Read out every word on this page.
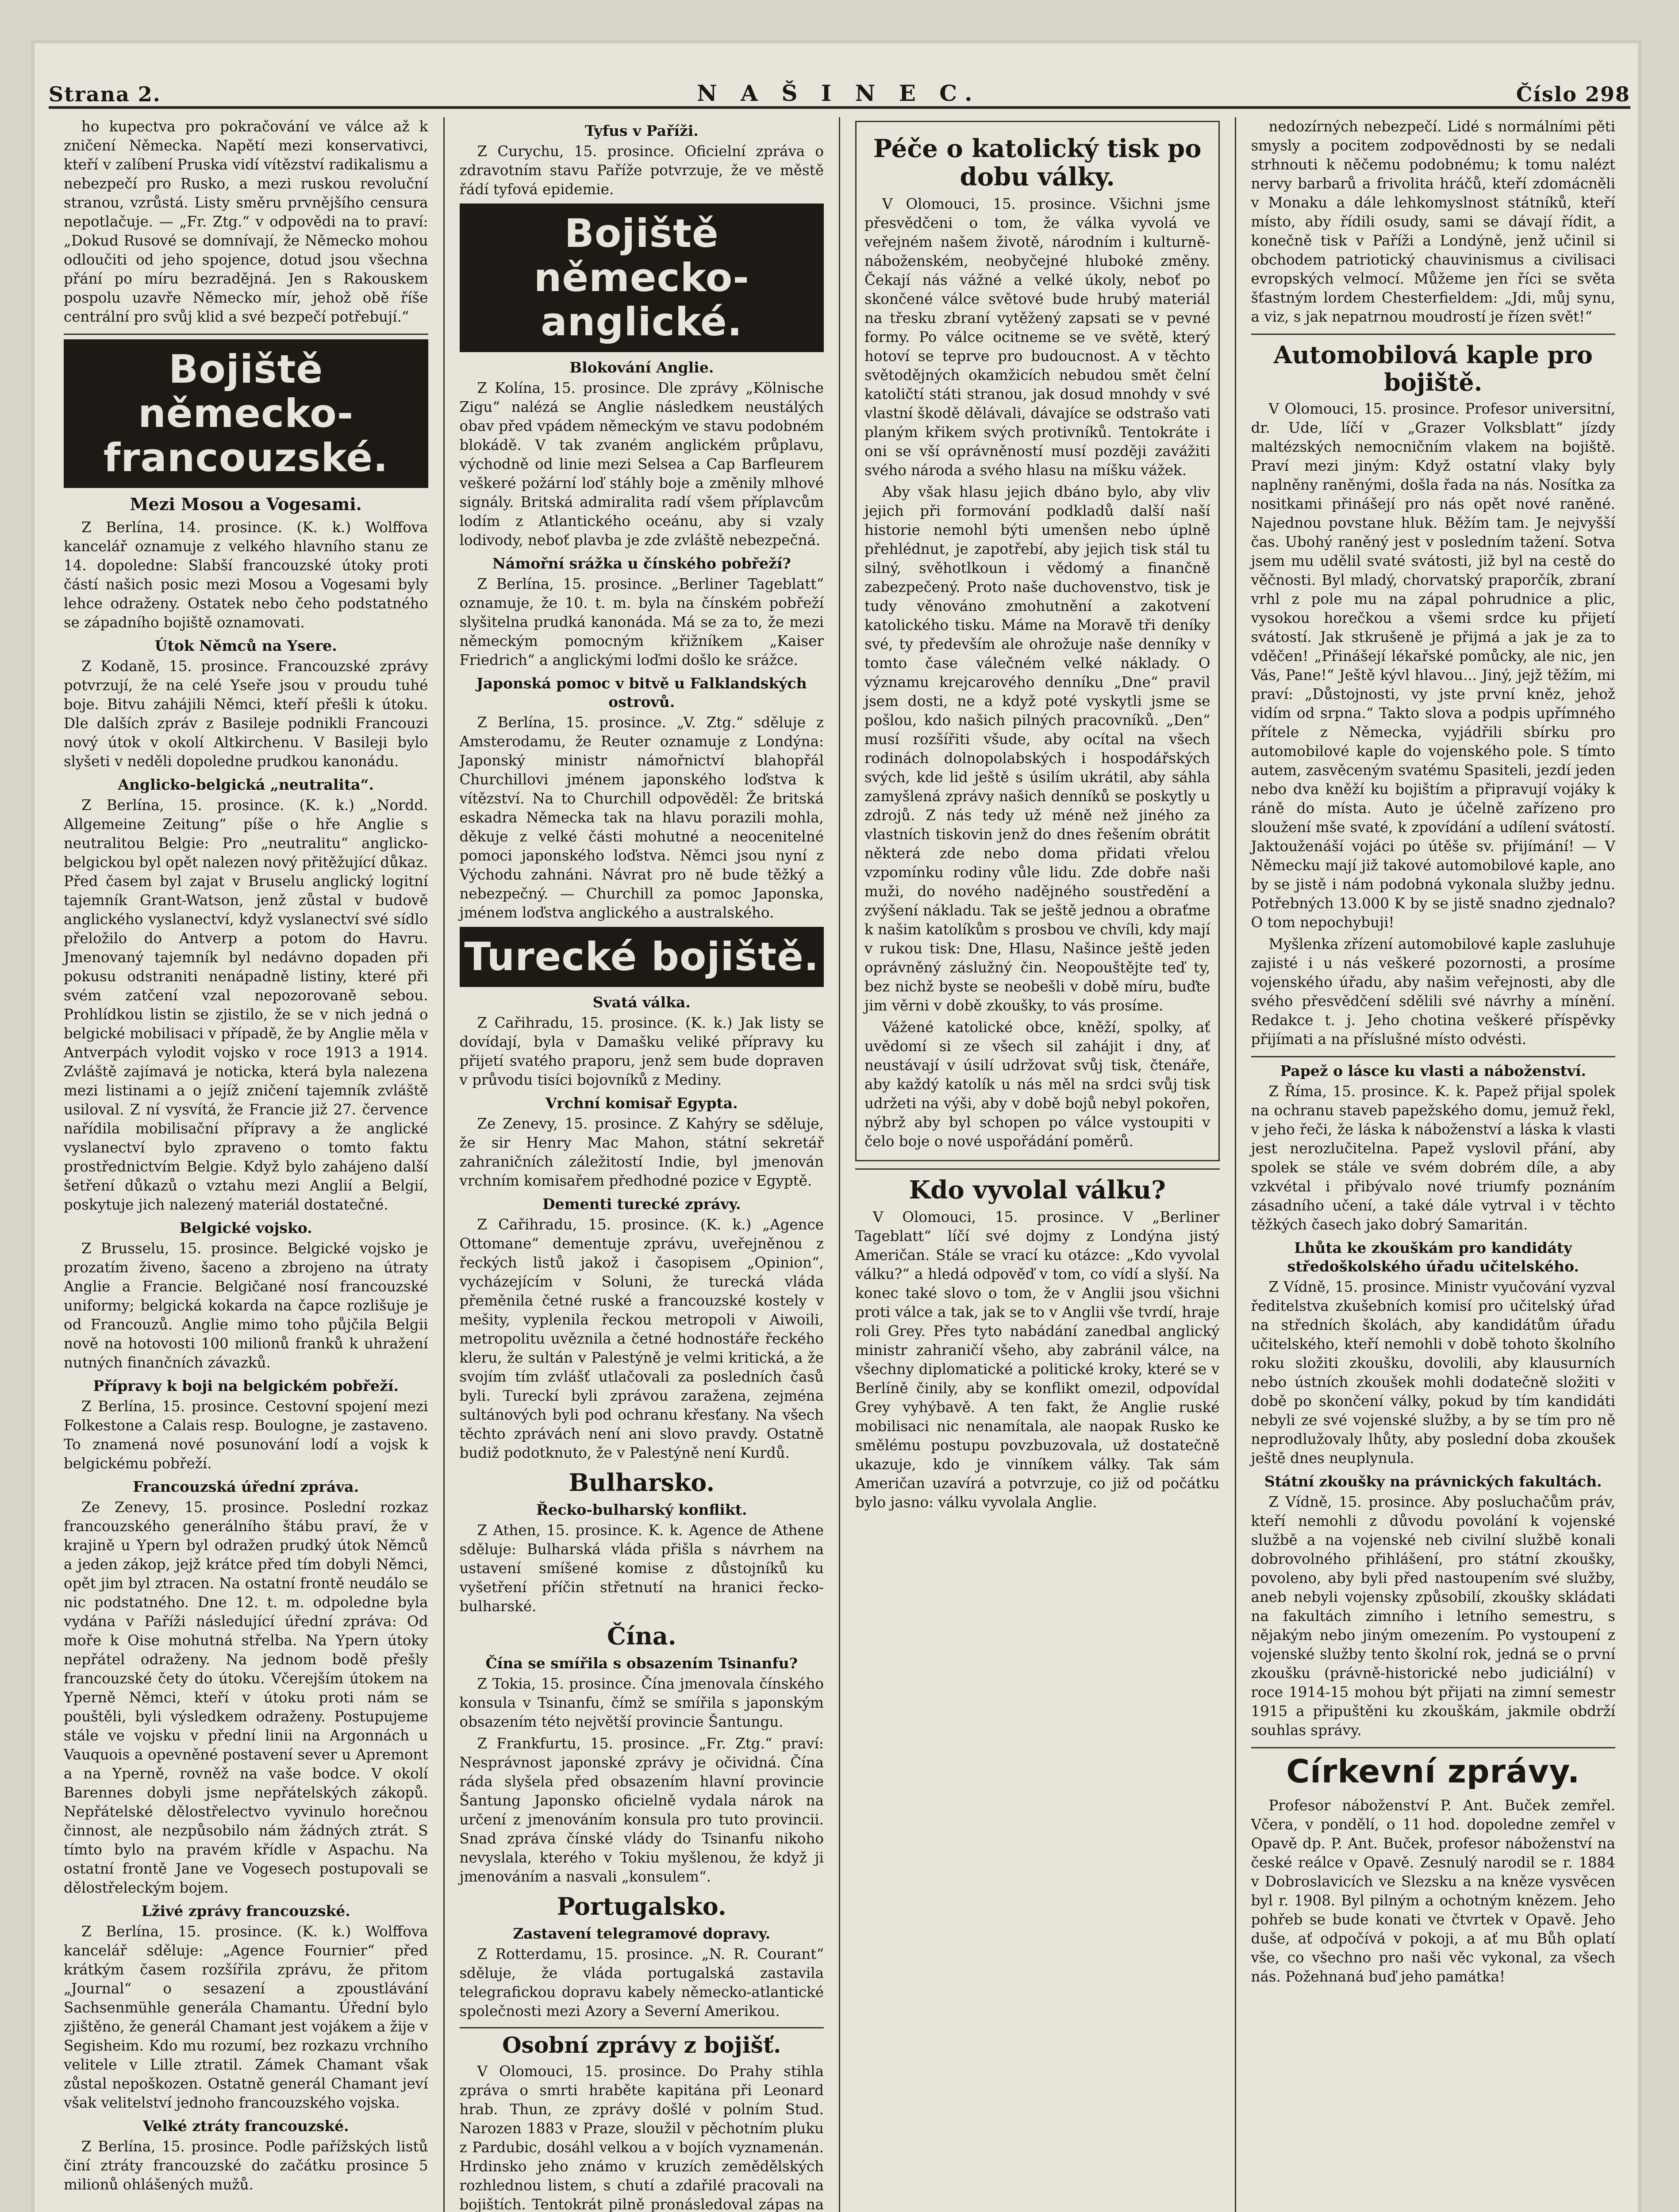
Strana 2.	N A Š I N E C.	Číslo 298

ho kupectva pro pokračování ve válce až k zničení Německa. Napětí mezi konservativci, kteří v zalíbení Pruska vidí vítězství radikalismu a nebezpečí pro Rusko, a mezi ruskou revoluční stranou, vzrůstá. Listy směru prvnějšího censura nepotlačuje. — „Fr. Ztg.“ v odpovědi na to praví: „Dokud Rusové se domnívají, že Německo mohou odloučiti od jeho spojence, dotud jsou všechna přání po míru bezradějná. Jen s Rakouskem pospolu uzavře Německo mír, jehož obě říše centrální pro svůj klid a své bezpečí potřebují.“

Bojiště německo-francouzské.
Mezi Mosou a Vogesami.

Z Berlína, 14. prosince. (K. k.) Wolffova kancelář oznamuje z velkého hlavního stanu ze 14. dopoledne: Slabší francouzské útoky proti částí našich posic mezi Mosou a Vogesami byly lehce odraženy. Ostatek nebo čeho podstatného se západního bojiště oznamovati.

Útok Němců na Ysere.

Z Kodaně, 15. prosince. Francouzské zprávy potvrzují, že na celé Yseře jsou v proudu tuhé boje. Bitvu zahájili Němci, kteří přešli k útoku. Dle dalších zpráv z Basileje podnikli Francouzi nový útok v okolí Altkirchenu. V Basileji bylo slyšeti v neděli dopoledne prudkou kanonádu.

Anglicko-belgická „neutralita“.

Z Berlína, 15. prosince. (K. k.) „Nordd. Allgemeine Zeitung“ píše o hře Anglie s neutralitou Belgie: Pro „neutralitu“ anglicko-belgickou byl opět nalezen nový přitěžující důkaz. Před časem byl zajat v Bruselu anglický logitní tajemník Grant-Watson, jenž zůstal v budově anglického vyslanectví, když vyslanectví své sídlo přeložilo do Antverp a potom do Havru. Jmenovaný tajemník byl nedávno dopaden při pokusu odstraniti nenápadně listiny, které při svém zatčení vzal nepozorovaně sebou. Prohlídkou listin se zjistilo, že se v nich jedná o belgické mobilisaci v případě, že by Anglie měla v Antverpách vylodit vojsko v roce 1913 a 1914. Zvláště zajímavá je noticka, která byla nalezena mezi listinami a o jejíž zničení tajemník zvláště usiloval. Z ní vysvítá, že Francie již 27. července nařídila mobilisační přípravy a že anglické vyslanectví bylo zpraveno o tomto faktu prostřednictvím Belgie. Když bylo zahájeno další šetření důkazů o vztahu mezi Anglií a Belgií, poskytuje jich nalezený materiál dostatečné.

Belgické vojsko.

Z Brusselu, 15. prosince. Belgické vojsko je prozatím živeno, šaceno a zbrojeno na útraty Anglie a Francie. Belgičané nosí francouzské uniformy; belgická kokarda na čapce rozlišuje je od Francouzů. Anglie mimo toho půjčila Belgii nově na hotovosti 100 milionů franků k uhražení nutných finančních závazků.

Přípravy k boji na belgickém pobřeží.

Z Berlína, 15. prosince. Cestovní spojení mezi Folkestone a Calais resp. Boulogne, je zastaveno. To znamená nové posunování lodí a vojsk k belgickému pobřeží.

Francouzská úřední zpráva.

Ze Zenevy, 15. prosince. Poslední rozkaz francouzského generálního štábu praví, že v krajině u Ypern byl odražen prudký útok Němců a jeden zákop, jejž krátce před tím dobyli Němci, opět jim byl ztracen. Na ostatní frontě neudálo se nic podstatného. Dne 12. t. m. odpoledne byla vydána v Paříži následující úřední zpráva: Od moře k Oise mohutná střelba. Na Ypern útoky nepřátel odraženy. Na jednom bodě přešly francouzské čety do útoku. Včerejším útokem na Yperně Němci, kteří v útoku proti nám se pouštěli, byli výsledkem odraženy. Postupujeme stále ve vojsku v přední linii na Argonnách u Vauquois a opevněné postavení sever u Apremont a na Yperně, rovněž na vaše bodce. V okolí Barennes dobyli jsme nepřátelských zákopů. Nepřátelské dělostřelectvo vyvinulo horečnou činnost, ale nezpůsobilo nám žádných ztrát. S tímto bylo na pravém křídle v Aspachu. Na ostatní frontě Jane ve Vogesech postupovali se dělostřeleckým bojem.

Lživé zprávy francouzské.

Z Berlína, 15. prosince. (K. k.) Wolffova kancelář sděluje: „Agence Fournier“ před krátkým časem rozšířila zprávu, že přitom „Journal“ o sesazení a zpoustlávání Sachsenmühle generála Chamantu. Úřední bylo zjištěno, že generál Chamant jest vojákem a žije v Segisheim. Kdo mu rozumí, bez rozkazu vrchního velitele v Lille ztratil. Zámek Chamant však zůstal nepoškozen. Ostatně generál Chamant jeví však velitelství jednoho francouzského vojska.

Velké ztráty francouzské.

Z Berlína, 15. prosince. Podle pařížských listů činí ztráty francouzské do začátku prosince 5 milionů ohlášených mužů.

Tyfus v Paříži.

Z Curychu, 15. prosince. Oficielní zpráva o zdravotním stavu Paříže potvrzuje, že ve městě řádí tyfová epidemie.

Bojiště německo-anglické.
Blokování Anglie.

Z Kolína, 15. prosince. Dle zprávy „Kölnische Zigu“ nalézá se Anglie následkem neustálých obav před vpádem německým ve stavu podobném blokádě. V tak zvaném anglickém průplavu, východně od linie mezi Selsea a Cap Barfleurem veškeré požární loď stáhly boje a změnily mlhové signály. Britská admiralita radí všem příplavcům lodím z Atlantického oceánu, aby si vzaly lodivody, neboť plavba je zde zvláště nebezpečná.

Námořní srážka u čínského pobřeží?

Z Berlína, 15. prosince. „Berliner Tageblatt“ oznamuje, že 10. t. m. byla na čínském pobřeží slyšitelna prudká kanonáda. Má se za to, že mezi německým pomocným křižníkem „Kaiser Friedrich“ a anglickými loďmi došlo ke srážce.

Japonská pomoc v bitvě u Falklandských ostrovů.

Z Berlína, 15. prosince. „V. Ztg.“ sděluje z Amsterodamu, že Reuter oznamuje z Londýna: Japonský ministr námořnictví blahopřál Churchillovi jménem japonského loďstva k vítězství. Na to Churchill odpověděl: Že britská eskadra Německa tak na hlavu porazili mohla, děkuje z velké části mohutné a neocenitelné pomoci japonského loďstva. Němci jsou nyní z Východu zahnáni. Návrat pro ně bude těžký a nebezpečný. — Churchill za pomoc Japonska, jménem loďstva anglického a australského.

Turecké bojiště.
Svatá válka.

Z Cařihradu, 15. prosince. (K. k.) Jak listy se dovídají, byla v Damašku veliké přípravy ku přijetí svatého praporu, jenž sem bude dopraven v průvodu tisíci bojovníků z Mediny.

Vrchní komisař Egypta.

Ze Zenevy, 15. prosince. Z Kahýry se sděluje, že sir Henry Mac Mahon, státní sekretář zahraničních záležitostí Indie, byl jmenován vrchním komisařem předhodné pozice v Egyptě.

Dementi turecké zprávy.

Z Cařihradu, 15. prosince. (K. k.) „Agence Ottomane“ dementuje zprávu, uveřejněnou z řeckých listů jakož i časopisem „Opinion“, vycházejícím v Soluni, že turecká vláda přeměnila četné ruské a francouzské kostely v mešity, vyplenila řeckou metropoli v Aiwoili, metropolitu uvěznila a četné hodnostáře řeckého kleru, že sultán v Palestýně je velmi kritická, a že svojím tím zvlášť utlačovali za posledních časů byli. Tureckí byli zprávou zaražena, zejména sultánových byli pod ochranu křesťany. Na všech těchto zprávách není ani slovo pravdy. Ostatně budiž podotknuto, že v Palestýně není Kurdů.

Bulharsko.
Řecko-bulharský konflikt.

Z Athen, 15. prosince. K. k. Agence de Athene sděluje: Bulharská vláda přišla s návrhem na ustavení smíšené komise z důstojníků ku vyšetření příčin střetnutí na hranici řecko-bulharské.

Čína.
Čína se smířila s obsazením Tsinanfu?

Z Tokia, 15. prosince. Čína jmenovala čínského konsula v Tsinanfu, čímž se smířila s japonským obsazením této největší provincie Šantungu.

Z Frankfurtu, 15. prosince. „Fr. Ztg.“ praví: Nesprávnost japonské zprávy je očividná. Čína ráda slyšela před obsazením hlavní provincie Šantung Japonsko oficielně vydala nárok na určení z jmenováním konsula pro tuto provincii. Snad zpráva čínské vlády do Tsinanfu nikoho nevyslala, kterého v Tokiu myšlenou, že když ji jmenováním a nasvali „konsulem“.

Portugalsko.
Zastavení telegramové dopravy.

Z Rotterdamu, 15. prosince. „N. R. Courant“ sděluje, že vláda portugalská zastavila telegrafickou dopravu kabely německo-atlantické společnosti mezi Azory a Severní Amerikou.

Osobní zprávy z bojišť.

V Olomouci, 15. prosince. Do Prahy stihla zpráva o smrti hraběte kapitána při Leonard hrab. Thun, ze zprávy došlé v polním Stud. Narozen 1883 v Praze, sloužil v pěchotním pluku z Pardubic, dosáhl velkou a v bojích vyznamenán. Hrdinsko jeho známo v kruzích zemědělských rozhlednou listem, s chutí a zdařilé pracovali na bojištích. Tentokrát pilně pronásledoval zápas na

Péče o katolický tisk po dobu války.

V Olomouci, 15. prosince. Všichni jsme přesvědčeni o tom, že válka vyvolá ve veřejném našem životě, národním i kulturně-náboženském, neobyčejné hluboké změny. Čekají nás vážné a velké úkoly, neboť po skončené válce světové bude hrubý materiál na třesku zbraní vytěžený zapsati se v pevné formy. Po válce ocitneme se ve světě, který hotoví se teprve pro budoucnost. A v těchto světodějných okamžicích nebudou smět čelní katoličtí státi stranou, jak dosud mnohdy v své vlastní škodě dělávali, dávajíce se odstrašo vati planým křikem svých protivníků. Tentokráte i oni se vší oprávněností musí později zavážiti svého národa a svého hlasu na míšku vážek.

Aby však hlasu jejich dbáno bylo, aby vliv jejich při formování podkladů další naší historie nemohl býti umenšen nebo úplně přehlédnut, je zapotřebí, aby jejich tisk stál tu silný, svěhotlkoun i vědomý a finančně zabezpečený. Proto naše duchovenstvo, tisk je tudy věnováno zmohutnění a zakotvení katolického tisku. Máme na Moravě tři deníky své, ty především ale ohrožuje naše denníky v tomto čase válečném velké náklady. O významu krejcarového denníku „Dne“ pravil jsem dosti, ne a když poté vyskytli jsme se pošlou, kdo našich pilných pracovníků. „Den“ musí rozšířiti všude, aby ocítal na všech rodinách dolnopolabských i hospodářských svých, kde lid ještě s úsilím ukrátil, aby sáhla zamyšlená zprávy našich denníků se poskytly u zdrojů. Z nás tedy už méně než jiného za vlastních tiskovin jenž do dnes řešením obrátit některá zde nebo doma přidati vřelou vzpomínku rodiny vůle lidu. Zde dobře naši muži, do nového nadějného soustředění a zvýšení nákladu. Tak se ještě jednou a obraťme k našim katolíkům s prosbou ve chvíli, kdy mají v rukou tisk: Dne, Hlasu, Našince ještě jeden oprávněný záslužný čin. Neopouštějte teď ty, bez nichž byste se neobešli v době míru, buďte jim věrni v době zkoušky, to vás prosíme.

Vážené katolické obce, kněží, spolky, ať uvědomí si ze všech sil zahájit i dny, ať neustávají v úsilí udržovat svůj tisk, čtenáře, aby každý katolík u nás měl na srdci svůj tisk udržeti na výši, aby v době bojů nebyl pokořen, nýbrž aby byl schopen po válce vystoupiti v čelo boje o nové uspořádání poměrů.

Kdo vyvolal válku?

V Olomouci, 15. prosince. V „Berliner Tageblatt“ líčí své dojmy z Londýna jistý Američan. Stále se vrací ku otázce: „Kdo vyvolal válku?“ a hledá odpověď v tom, co vídí a slyší. Na konec také slovo o tom, že v Anglii jsou všichni proti válce a tak, jak se to v Anglii vše tvrdí, hraje roli Grey. Přes tyto nabádání zanedbal anglický ministr zahraničí všeho, aby zabránil válce, na všechny diplomatické a politické kroky, které se v Berlíně činily, aby se konflikt omezil, odpovídal Grey vyhýbavě. A ten fakt, že Anglie ruské mobilisaci nic nenamítala, ale naopak Rusko ke smělému postupu povzbuzovala, už dostatečně ukazuje, kdo je vinníkem války. Tak sám Američan uzavírá a potvrzuje, co již od počátku bylo jasno: válku vyvolala Anglie.

nedozírných nebezpečí. Lidé s normálními pěti smysly a pocitem zodpovědnosti by se nedali strhnouti k něčemu podobnému; k tomu nalézt nervy barbarů a frivolita hráčů, kteří zdomácněli v Monaku a dále lehkomyslnost státníků, kteří místo, aby řídili osudy, sami se dávají řídit, a konečně tisk v Paříži a Londýně, jenž učinil si obchodem patriotický chauvinismus a civilisaci evropských velmocí. Můžeme jen říci se světa šťastným lordem Chesterfieldem: „Jdi, můj synu, a viz, s jak nepatrnou moudrostí je řízen svět!“

Automobilová kaple pro bojiště.

V Olomouci, 15. prosince. Profesor universitní, dr. Ude, líčí v „Grazer Volksblatt“ jízdy maltézských nemocničním vlakem na bojiště. Praví mezi jiným: Když ostatní vlaky byly naplněny raněnými, došla řada na nás. Nosítka za nositkami přinášejí pro nás opět nové raněné. Najednou povstane hluk. Běžím tam. Je nejvyšší čas. Ubohý raněný jest v posledním tažení. Sotva jsem mu udělil svaté svátosti, již byl na cestě do věčnosti. Byl mladý, chorvatský praporčík, zbraní vrhl z pole mu na zápal pohrudnice a plic, vysokou horečkou a všemi srdce ku přijetí svátostí. Jak stkrušeně je přijmá a jak je za to vděčen! „Přinášejí lékařské pomůcky, ale nic, jen Vás, Pane!“ Ještě kývl hlavou... Jiný, jejž těžím, mi praví: „Důstojnosti, vy jste první kněz, jehož vidím od srpna.“ Takto slova a podpis upřímného přítele z Německa, vyjádřili sbírku pro automobilové kaple do vojenského pole. S tímto autem, zasvěceným svatému Spasiteli, jezdí jeden nebo dva kněží ku bojištím a připravují vojáky k ráně do místa. Auto je účelně zařízeno pro sloužení mše svaté, k zpovídání a udílení svátostí. Jaktouženáší vojáci po útěše sv. přijímání! — V Německu mají již takové automobilové kaple, ano by se jistě i nám podobná vykonala služby jednu. Potřebných 13.000 K by se jistě snadno zjednalo? O tom nepochybuji!

Myšlenka zřízení automobilové kaple zasluhuje zajisté i u nás veškeré pozornosti, a prosíme vojenského úřadu, aby našim veřejnosti, aby dle svého přesvědčení sdělili své návrhy a mínění. Redakce t. j. Jeho chotina veškeré příspěvky přijímati a na příslušné místo odvésti.

Papež o lásce ku vlasti a náboženství.

Z Říma, 15. prosince. K. k. Papež přijal spolek na ochranu staveb papežského domu, jemuž řekl, v jeho řeči, že láska k náboženství a láska k vlasti jest nerozlučitelna. Papež vyslovil přání, aby spolek se stále ve svém dobrém díle, a aby vzkvétal i přibývalo nové triumfy poznáním zásadního učení, a také dále vytrval i v těchto těžkých časech jako dobrý Samaritán.

Lhůta ke zkouškám pro kandidáty středoškolského úřadu učitelského.

Z Vídně, 15. prosince. Ministr vyučování vyzval ředitelstva zkušebních komisí pro učitelský úřad na středních školách, aby kandidátům úřadu učitelského, kteří nemohli v době tohoto školního roku složiti zkoušku, dovolili, aby klausurních nebo ústních zkoušek mohli dodatečně složiti v době po skončení války, pokud by tím kandidáti nebyli ze své vojenské služby, a by se tím pro ně neprodlužovaly lhůty, aby poslední doba zkoušek ještě dnes neuplynula.

Státní zkoušky na právnických fakultách.

Z Vídně, 15. prosince. Aby posluchačům práv, kteří nemohli z důvodu povolání k vojenské službě a na vojenské neb civilní službě konali dobrovolného přihlášení, pro státní zkoušky, povoleno, aby byli před nastoupením své služby, aneb nebyli vojensky způsobilí, zkoušky skládati na fakultách zimního i letního semestru, s nějakým nebo jiným omezením. Po vystoupení z vojenské služby tento školní rok, jedná se o první zkoušku (právně-historické nebo judiciální) v roce 1914-15 mohou být přijati na zimní semestr 1915 a připuštěni ku zkouškám, jakmile obdrží souhlas správy.

Církevní zprávy.

Profesor náboženství P. Ant. Buček zemřel. Včera, v pondělí, o 11 hod. dopoledne zemřel v Opavě dp. P. Ant. Buček, profesor náboženství na české reálce v Opavě. Zesnulý narodil se r. 1884 v Dobroslavicích ve Slezsku a na kněze vysvěcen byl r. 1908. Byl pilným a ochotným knězem. Jeho pohřeb se bude konati ve čtvrtek v Opavě. Jeho duše, ať odpočívá v pokoji, a ať mu Bůh oplatí vše, co všechno pro naši věc vykonal, za všech nás. Požehnaná buď jeho památka!
